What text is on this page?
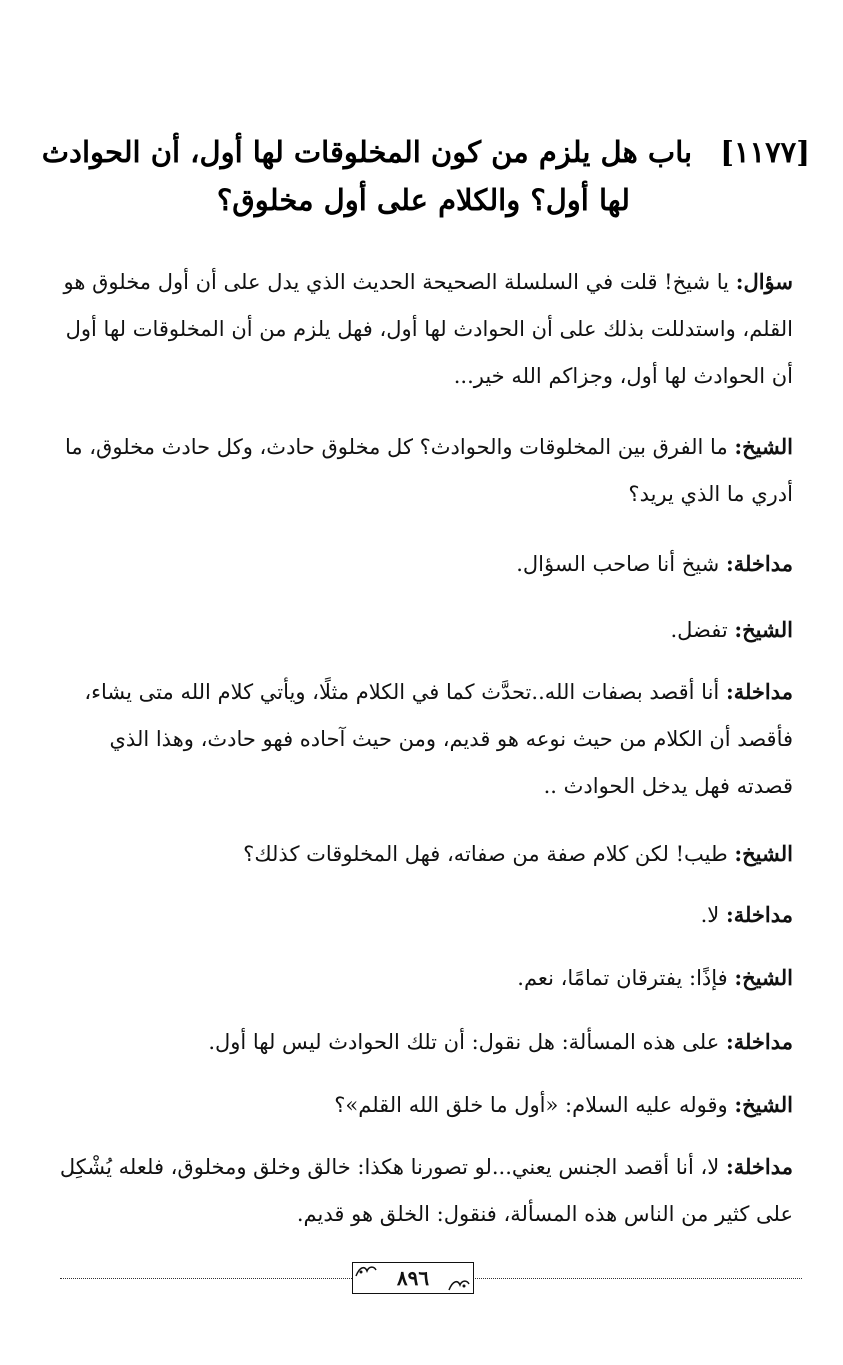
[١١٧٧] باب هل يلزم من كون المخلوقات لها أول، أن الحوادث
لها أول؟ والكلام على أول مخلوق؟
سؤال: يا شيخ! قلت في السلسلة الصحيحة الحديث الذي يدل على أن أول مخلوق هو القلم، واستدللت بذلك على أن الحوادث لها أول، فهل يلزم من أن المخلوقات لها أول أن الحوادث لها أول، وجزاكم الله خير...
الشيخ: ما الفرق بين المخلوقات والحوادث؟ كل مخلوق حادث، وكل حادث مخلوق، ما أدري ما الذي يريد؟
مداخلة: شيخ أنا صاحب السؤال.
الشيخ: تفضل.
مداخلة: أنا أقصد بصفات الله..تحدَّث كما في الكلام مثلًا، ويأتي كلام الله متى يشاء، فأقصد أن الكلام من حيث نوعه هو قديم، ومن حيث آحاده فهو حادث، وهذا الذي قصدته فهل يدخل الحوادث ..
الشيخ: طيب! لكن كلام صفة من صفاته، فهل المخلوقات كذلك؟
مداخلة: لا.
الشيخ: فإذًا: يفترقان تمامًا، نعم.
مداخلة: على هذه المسألة: هل نقول: أن تلك الحوادث ليس لها أول.
الشيخ: وقوله عليه السلام: «أول ما خلق الله القلم»؟
مداخلة: لا، أنا أقصد الجنس يعني...لو تصورنا هكذا: خالق وخلق ومخلوق، فلعله يُشْكِل على كثير من الناس هذه المسألة، فنقول: الخلق هو قديم.
٨٩٦
